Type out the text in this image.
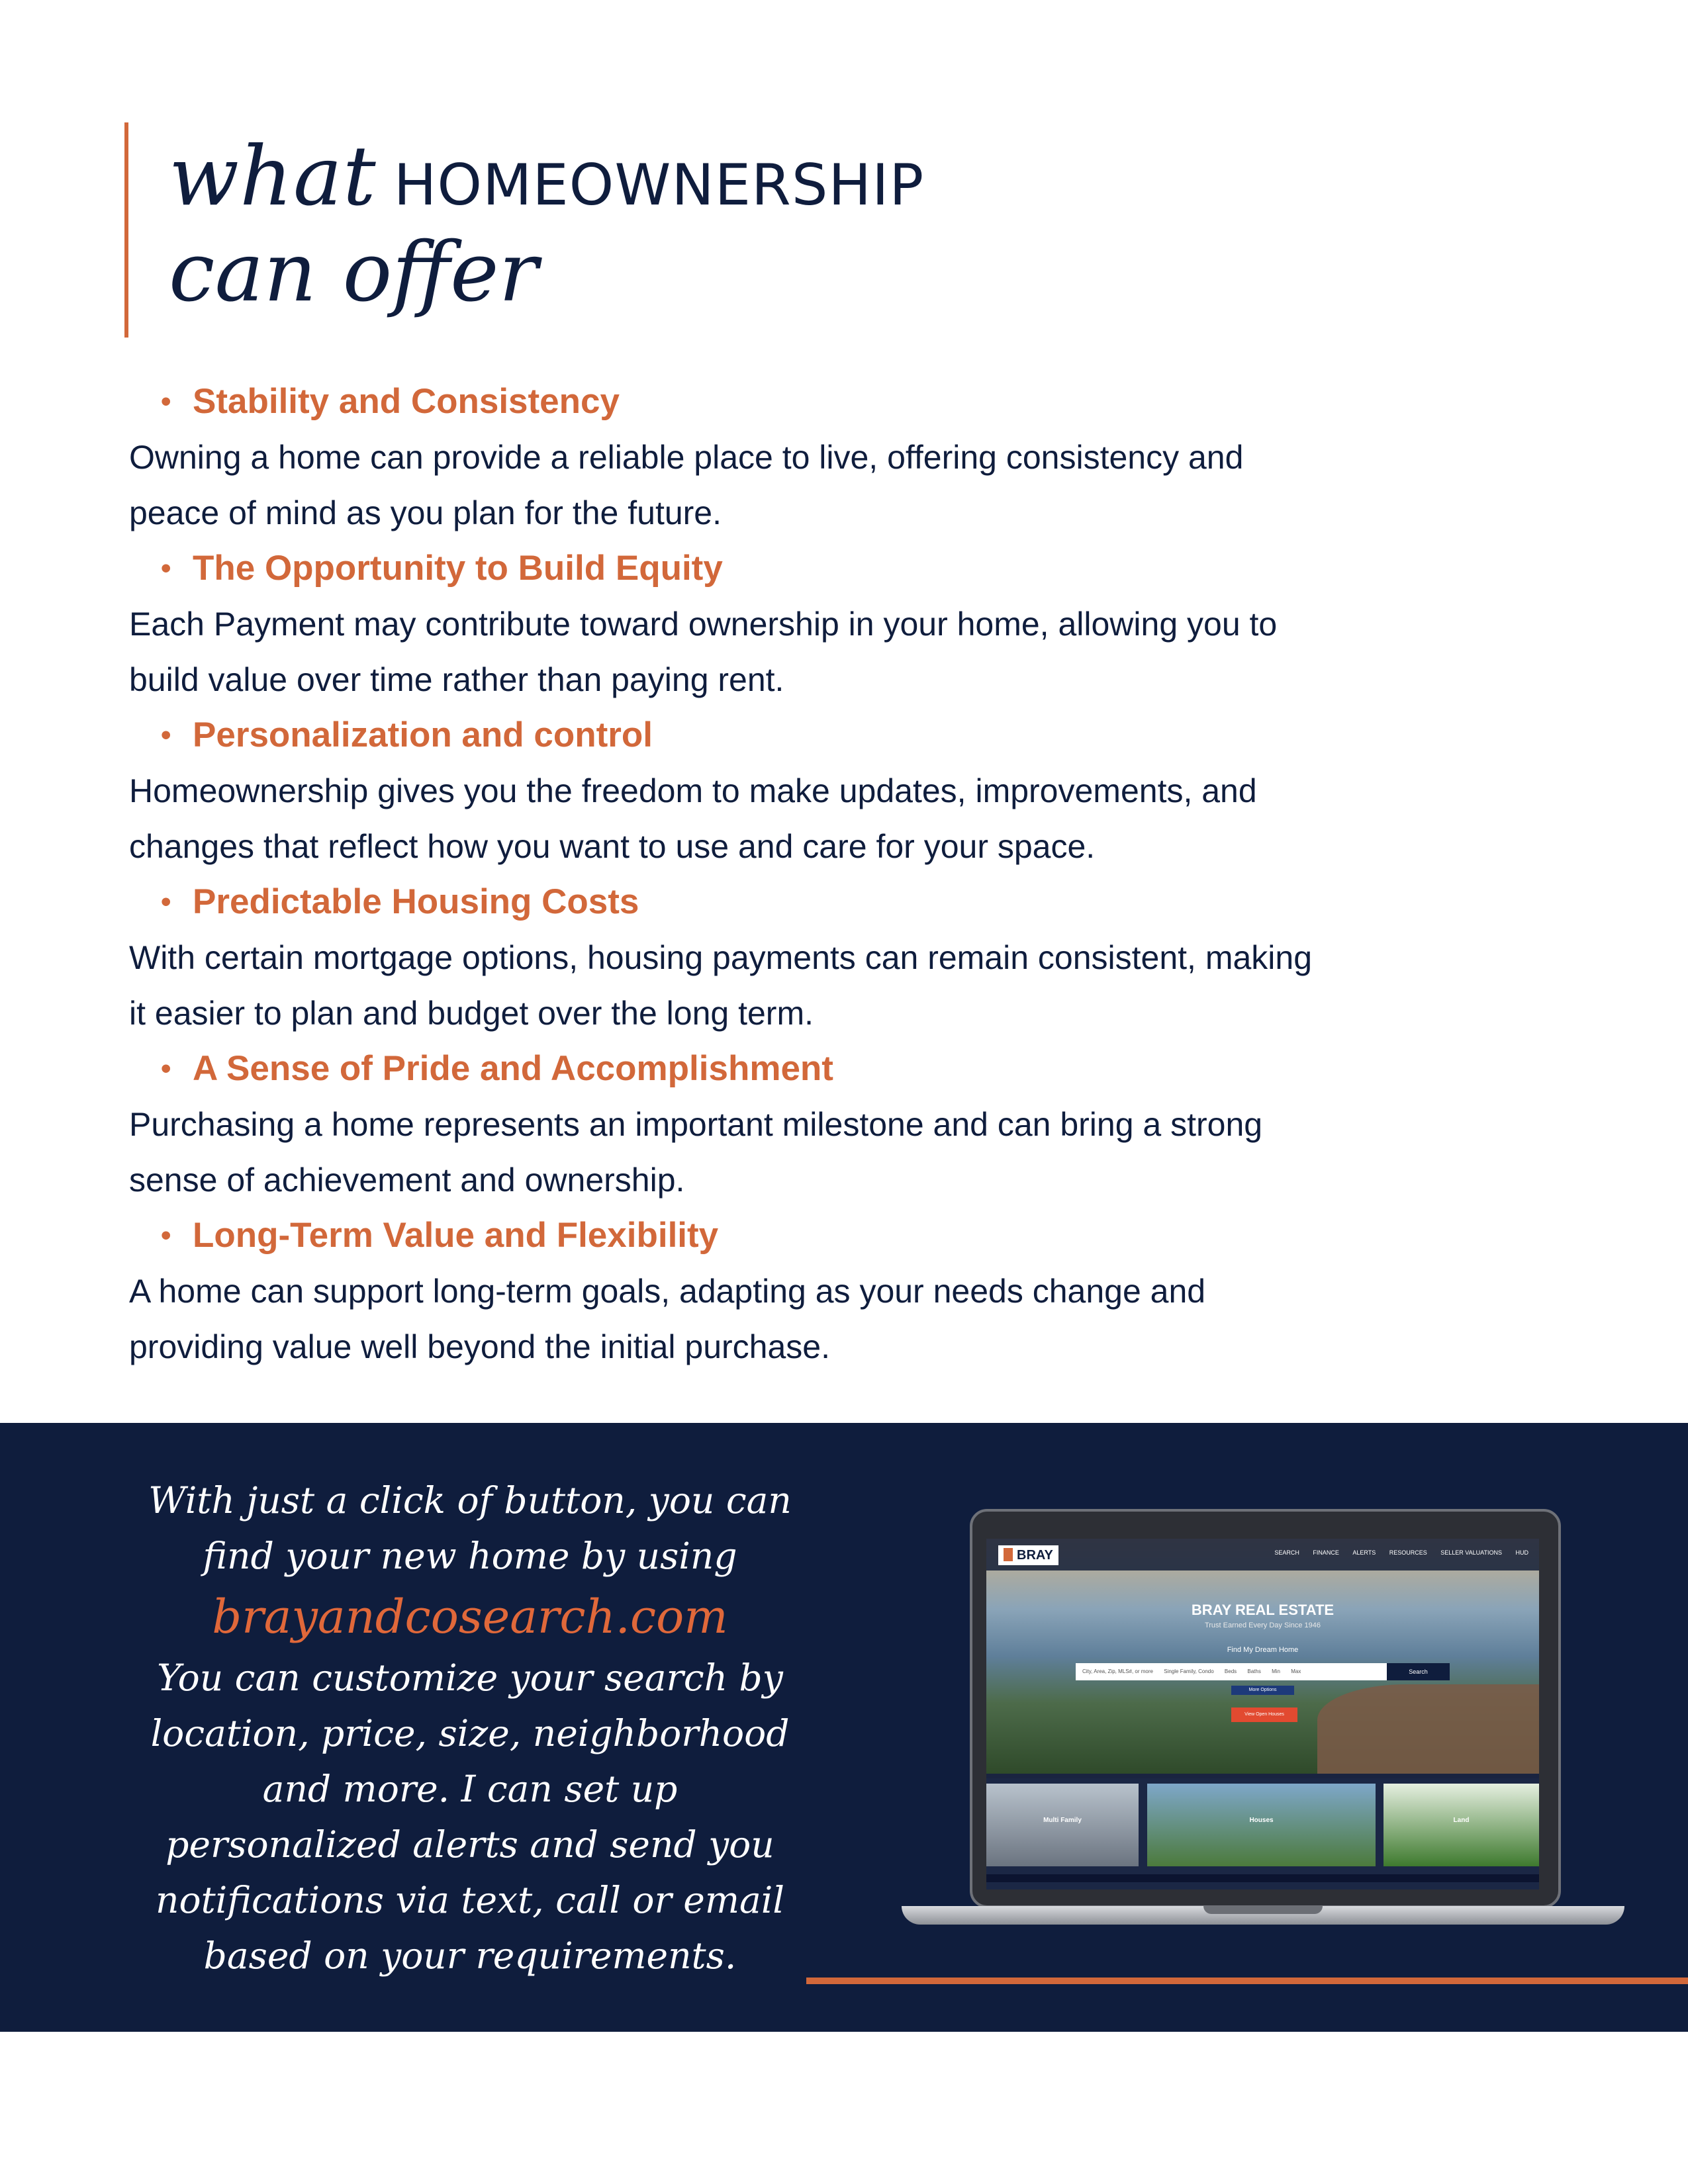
what HOMEOWNERSHIP
can offer
• Stability and Consistency
Owning a home can provide a reliable place to live, offering consistency and
peace of mind as you plan for the future.
• The Opportunity to Build Equity
Each Payment may contribute toward ownership in your home, allowing you to
build value over time rather than paying rent.
• Personalization and control
Homeownership gives you the freedom to make updates, improvements, and
changes that reflect how you want to use and care for your space.
• Predictable Housing Costs
With certain mortgage options, housing payments can remain consistent, making
it easier to plan and budget over the long term.
• A Sense of Pride and Accomplishment
Purchasing a home represents an important milestone and can bring a strong
sense of achievement and ownership.
• Long-Term Value and Flexibility
A home can support long-term goals, adapting as your needs change and
providing value well beyond the initial purchase.
With just a click of button, you can
find your new home by using
brayandcosearch.com
You can customize your search by
location, price, size, neighborhood
and more. I can set up
personalized alerts and send you
notifications via text, call or email
based on your requirements.
BRAY	SEARCH FINANCE ALERTS RESOURCES SELLER VALUATIONS HUD
BRAY REAL ESTATE
Trust Earned Every Day Since 1946
Find My Dream Home
City, Area, Zip, MLS#, or more Single Family, Condo Beds Baths Min Max	Search
More Options
View Open Houses
Multi Family	Houses	Land
